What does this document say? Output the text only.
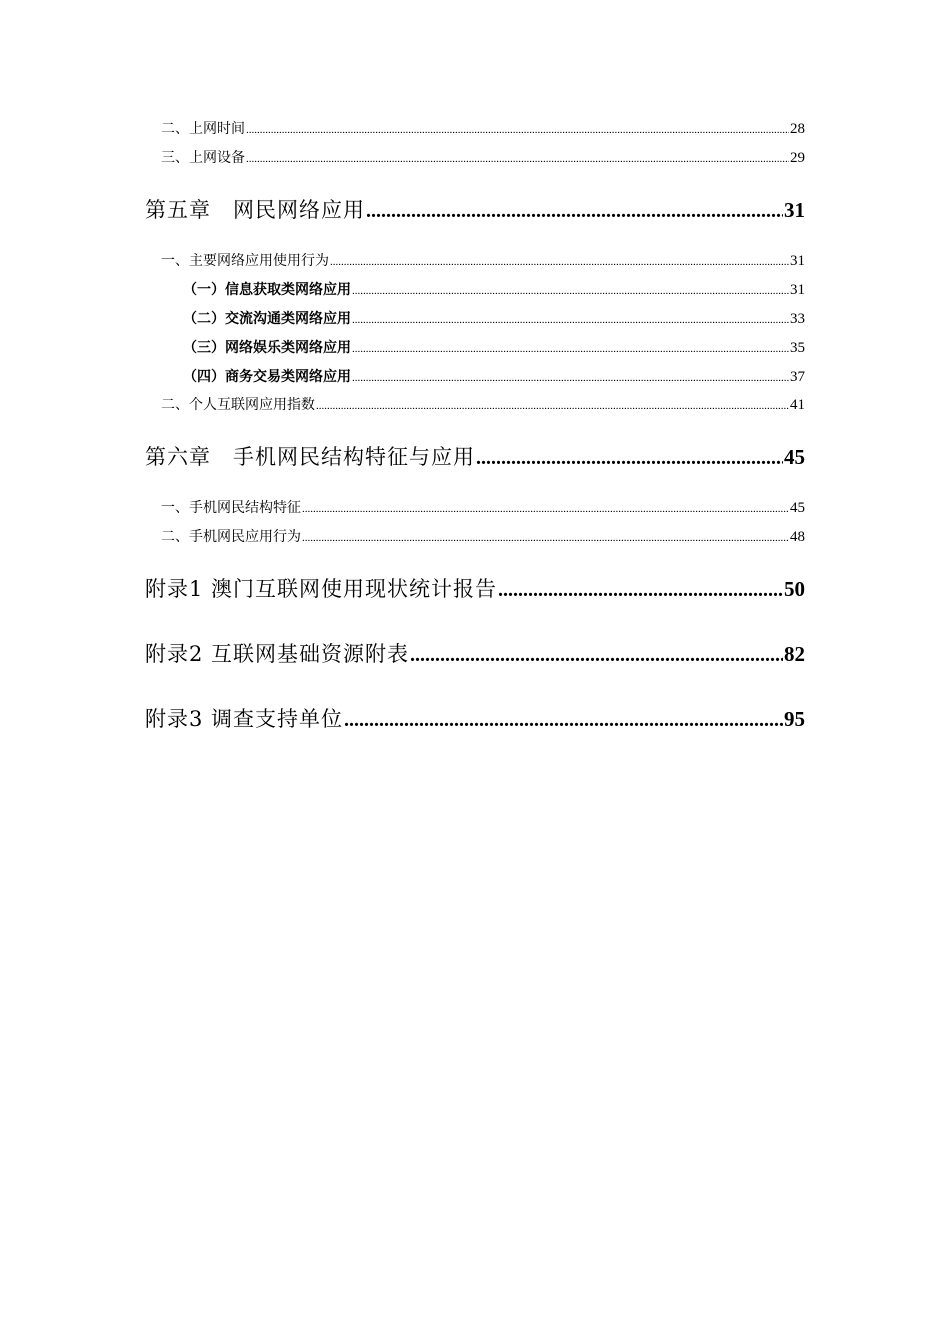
二、上网时间 .....	28
三、上网设备 .....	29
第五章　网民网络应用 .....	31
一、主要网络应用使用行为 .....	31
（一）信息获取类网络应用 .....	31
（二）交流沟通类网络应用 .....	33
（三）网络娱乐类网络应用 .....	35
（四）商务交易类网络应用 .....	37
二、个人互联网应用指数 .....	41
第六章　手机网民结构特征与应用 .....	45
一、手机网民结构特征 .....	45
二、手机网民应用行为 .....	48
附录1 澳门互联网使用现状统计报告 .....	50
附录2 互联网基础资源附表 .....	82
附录3 调查支持单位 .....	95
